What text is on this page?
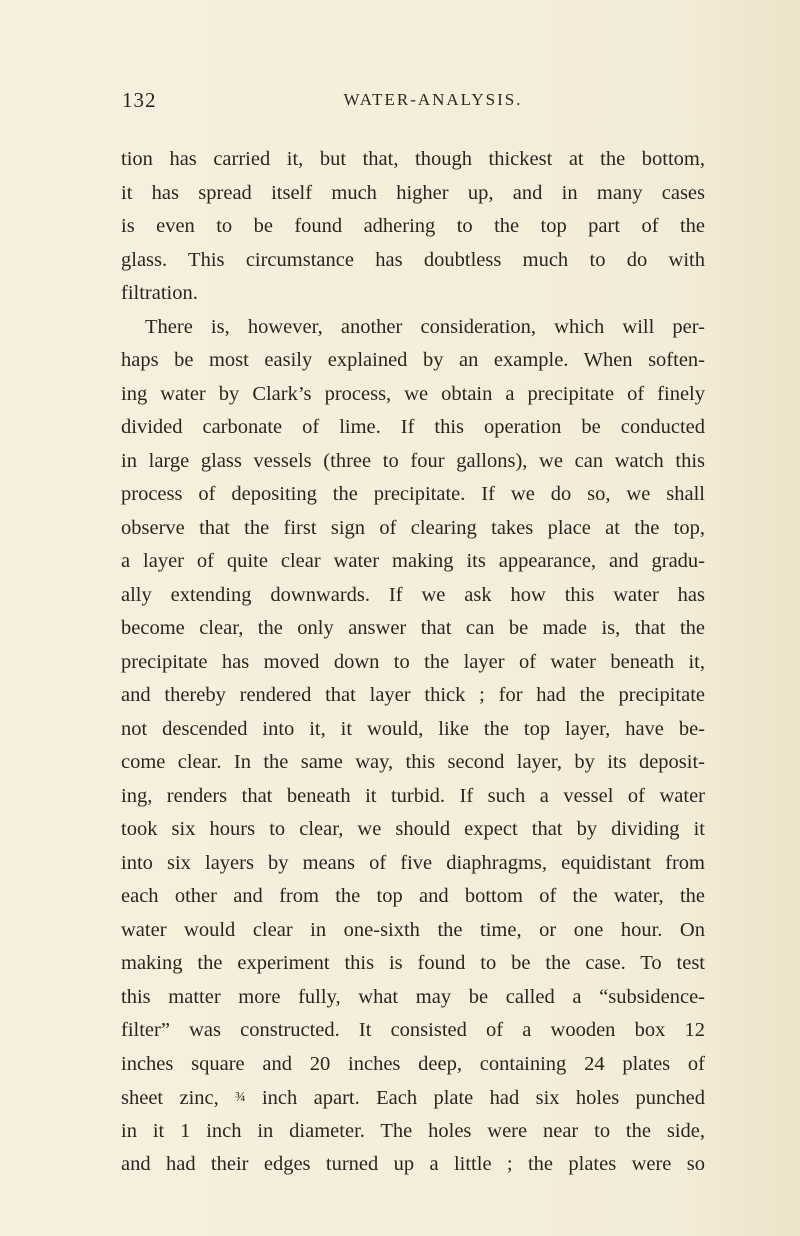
132	WATER-ANALYSIS.
tion has carried it, but that, though thickest at the bottom,
it has spread itself much higher up, and in many cases
is even to be found adhering to the top part of the
glass. This circumstance has doubtless much to do with
filtration.
There is, however, another consideration, which will per-
haps be most easily explained by an example. When soften-
ing water by Clark’s process, we obtain a precipitate of finely
divided carbonate of lime. If this operation be conducted
in large glass vessels (three to four gallons), we can watch this
process of depositing the precipitate. If we do so, we shall
observe that the first sign of clearing takes place at the top,
a layer of quite clear water making its appearance, and gradu-
ally extending downwards. If we ask how this water has
become clear, the only answer that can be made is, that the
precipitate has moved down to the layer of water beneath it,
and thereby rendered that layer thick ; for had the precipitate
not descended into it, it would, like the top layer, have be-
come clear. In the same way, this second layer, by its deposit-
ing, renders that beneath it turbid. If such a vessel of water
took six hours to clear, we should expect that by dividing it
into six layers by means of five diaphragms, equidistant from
each other and from the top and bottom of the water, the
water would clear in one-sixth the time, or one hour. On
making the experiment this is found to be the case. To test
this matter more fully, what may be called a “subsidence-
filter” was constructed. It consisted of a wooden box 12
inches square and 20 inches deep, containing 24 plates of
sheet zinc, ¾ inch apart. Each plate had six holes punched
in it 1 inch in diameter. The holes were near to the side,
and had their edges turned up a little ; the plates were so
